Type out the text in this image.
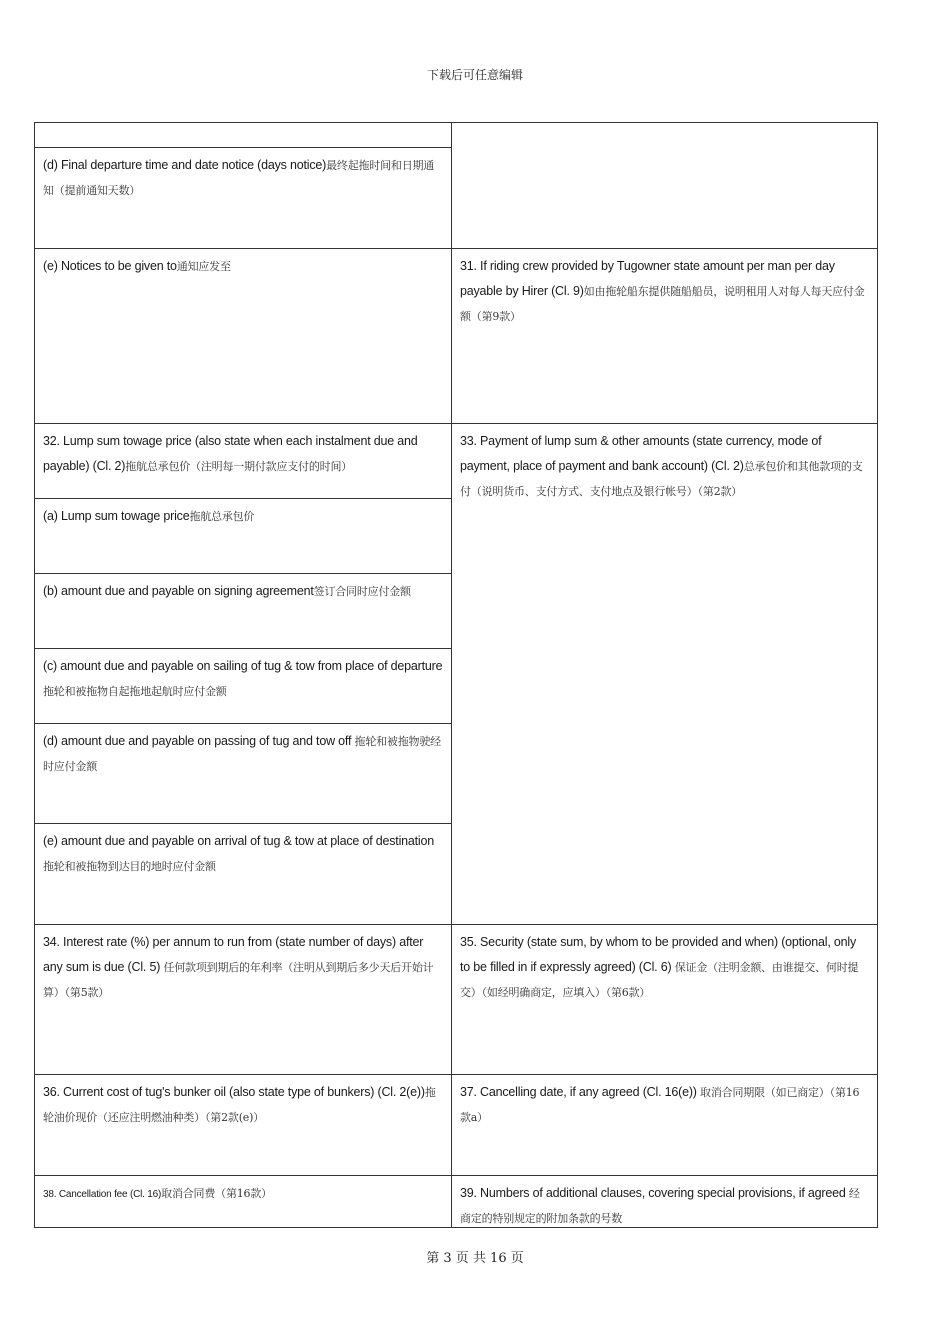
下载后可任意编辑
(d) Final departure time and date notice (days notice)最终起拖时间和日期通知（提前通知天数）
(e) Notices to be given to通知应发至
32. Lump sum towage price (also state when each instalment due and payable) (Cl. 2)拖航总承包价（注明每一期付款应支付的时间）
(a) Lump sum towage price拖航总承包价
(b) amount due and payable on signing agreement签订合同时应付金额
(c) amount due and payable on sailing of tug & tow from place of departure 拖轮和被拖物自起拖地起航时应付金额
(d) amount due and payable on passing of tug and tow off 拖轮和被拖物驶经 时应付金额
(e) amount due and payable on arrival of tug & tow at place of destination拖轮和被拖物到达目的地时应付金额
34. Interest rate (%) per annum to run from (state number of days) after any sum is due (Cl. 5) 任何款项到期后的年利率（注明从到期后多少天后开始计算）（第5款）
36. Current cost of tug's bunker oil (also state type of bunkers) (Cl. 2(e))拖轮油价现价（还应注明燃油种类）（第2款(e)）
38. Cancellation fee (Cl. 16)取消合同费（第16款）
31. If riding crew provided by Tugowner state amount per man per day payable by Hirer (Cl. 9)如由拖轮船东提供随船船员，说明租用人对每人每天应付金额（第9款）
33. Payment of lump sum & other amounts (state currency, mode of payment, place of payment and bank account) (Cl. 2)总承包价和其他款项的支付（说明货币、支付方式、支付地点及银行帐号）（第2款）
35. Security (state sum, by whom to be provided and when) (optional, only to be filled in if expressly agreed) (Cl. 6) 保证金（注明金额、由谁提交、何时提交）（如经明确商定，应填入）（第6款）
37. Cancelling date, if any agreed (Cl. 16(e)) 取消合同期限（如已商定）（第16款a）
39. Numbers of additional clauses, covering special provisions, if agreed 经商定的特别规定的附加条款的号数
第 3 页 共 16 页
